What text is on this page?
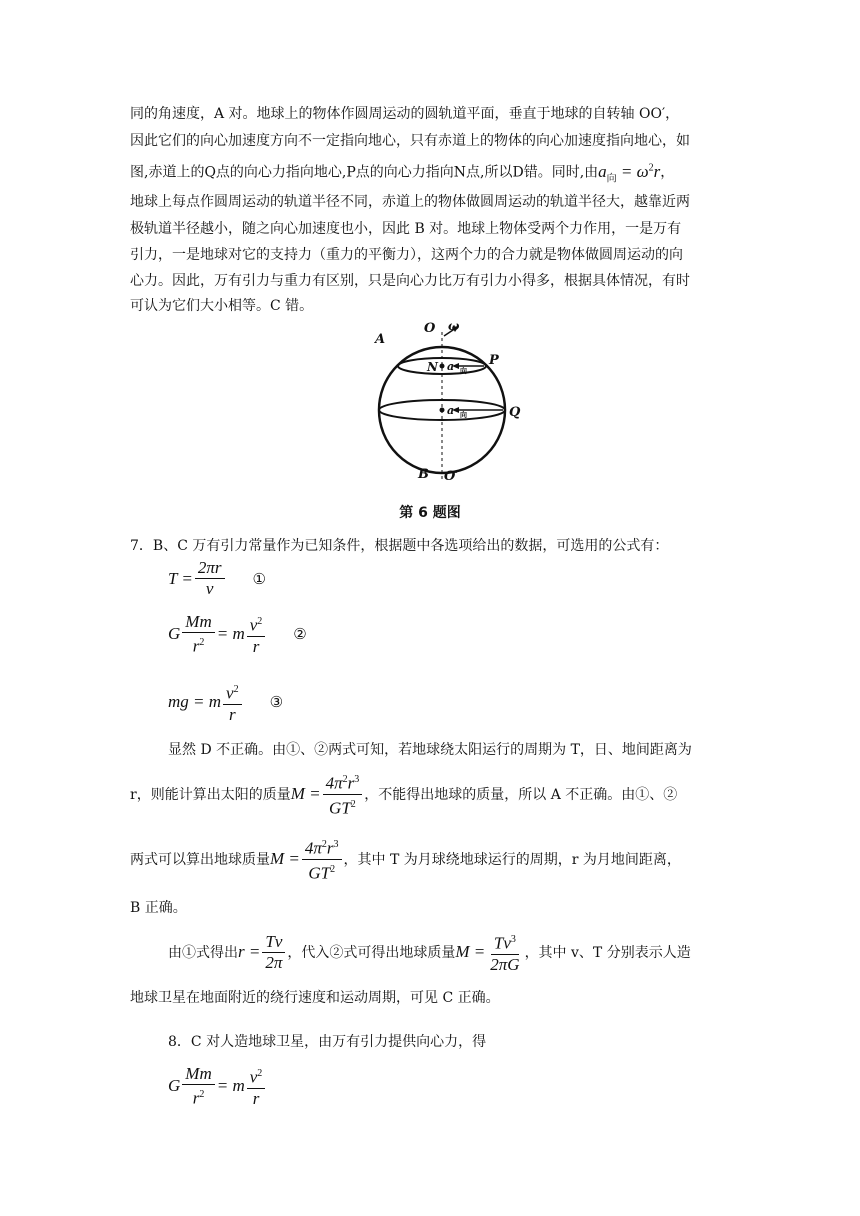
同的角速度，A 对。地球上的物体作圆周运动的圆轨道平面，垂直于地球的自转轴 OO′，
因此它们的向心加速度方向不一定指向地心，只有赤道上的物体的向心加速度指向地心，如
图,赤道上的Q点的向心力指向地心,P点的向心力指向N点,所以D错。同时,由$a_向 = \omega^2r$，
地球上每点作圆周运动的轨道半径不同，赤道上的物体做圆周运动的轨道半径大，越靠近两
极轨道半径越小，随之向心加速度也小，因此 B 对。地球上物体受两个力作用，一是万有
引力，一是地球对它的支持力（重力的平衡力），这两个力的合力就是物体做圆周运动的向
心力。因此，万有引力与重力有区别，只是向心力比万有引力小得多，根据具体情况，有时
可认为它们大小相等。C 错。
A
O ω
N a 向
P
a 向	Q
B O′
第 6 题图
7．B、C 万有引力常量作为已知条件，根据题中各选项给出的数据，可选用的公式有：
$T = \frac{2\pi r}{v}$ ①
G $\frac{Mm}{r^2} = m \frac{v^2}{r}$ ②
mg = m $\frac{v^2}{r}$ ③
显然 D 不正确。由①、②两式可知，若地球绕太阳运行的周期为 T，日、地间距离为
r，则能计算出太阳的质量 $M = \frac{4\pi^2r^3}{GT^2}$ ，不能得出地球的质量，所以 A 不正确。由①、②
两式可以算出地球质量 $M = \frac{4\pi^2r^3}{GT^2}$ ，其中 T 为月球绕地球运行的周期，r 为月地间距离，
B 正确。
由①式得出 $r = \frac{Tv}{2\pi}$ ，代入②式可得出地球质量 $M = \frac{Tv^3}{2\pi G}$ ，其中 v、T 分别表示人造
地球卫星在地面附近的绕行速度和运动周期，可见 C 正确。
8．C 对人造地球卫星，由万有引力提供向心力，得
G $\frac{Mm}{r^2} = m \frac{v^2}{r}$
